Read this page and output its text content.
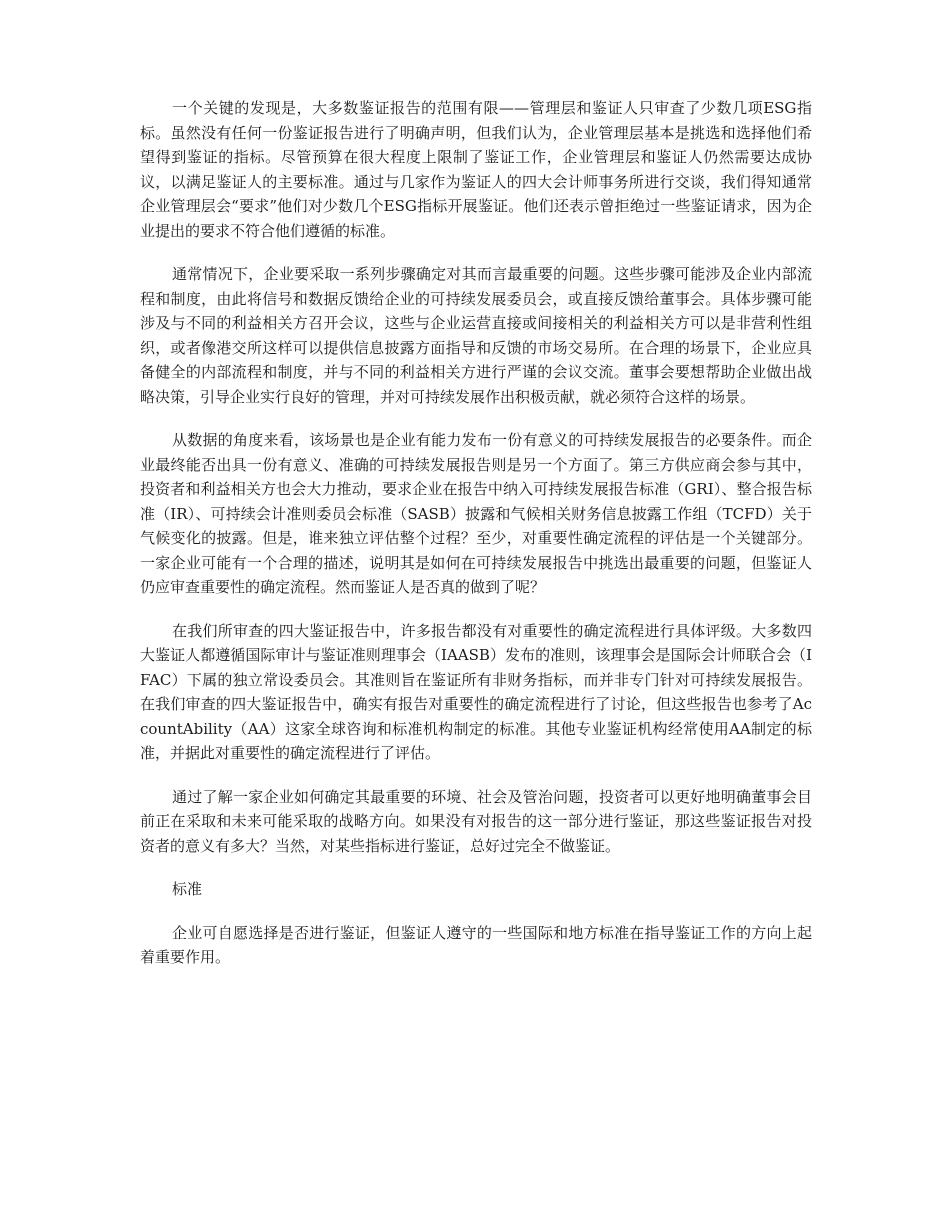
一个关键的发现是，大多数鉴证报告的范围有限——管理层和鉴证人只审查了少数几项ESG指标。虽然没有任何一份鉴证报告进行了明确声明，但我们认为，企业管理层基本是挑选和选择他们希望得到鉴证的指标。尽管预算在很大程度上限制了鉴证工作，企业管理层和鉴证人仍然需要达成协议，以满足鉴证人的主要标准。通过与几家作为鉴证人的四大会计师事务所进行交谈，我们得知通常企业管理层会“要求”他们对少数几个ESG指标开展鉴证。他们还表示曾拒绝过一些鉴证请求，因为企业提出的要求不符合他们遵循的标准。

通常情况下，企业要采取一系列步骤确定对其而言最重要的问题。这些步骤可能涉及企业内部流程和制度，由此将信号和数据反馈给企业的可持续发展委员会，或直接反馈给董事会。具体步骤可能涉及与不同的利益相关方召开会议，这些与企业运营直接或间接相关的利益相关方可以是非营利性组织，或者像港交所这样可以提供信息披露方面指导和反馈的市场交易所。在合理的场景下，企业应具备健全的内部流程和制度，并与不同的利益相关方进行严谨的会议交流。董事会要想帮助企业做出战略决策，引导企业实行良好的管理，并对可持续发展作出积极贡献，就必须符合这样的场景。

从数据的角度来看，该场景也是企业有能力发布一份有意义的可持续发展报告的必要条件。而企业最终能否出具一份有意义、准确的可持续发展报告则是另一个方面了。第三方供应商会参与其中，投资者和利益相关方也会大力推动，要求企业在报告中纳入可持续发展报告标准（GRI）、整合报告标准（IR）、可持续会计准则委员会标准（SASB）披露和气候相关财务信息披露工作组（TCFD）关于气候变化的披露。但是，谁来独立评估整个过程？至少，对重要性确定流程的评估是一个关键部分。一家企业可能有一个合理的描述，说明其是如何在可持续发展报告中挑选出最重要的问题，但鉴证人仍应审查重要性的确定流程。然而鉴证人是否真的做到了呢？

在我们所审查的四大鉴证报告中，许多报告都没有对重要性的确定流程进行具体评级。大多数四大鉴证人都遵循国际审计与鉴证准则理事会（IAASB）发布的准则，该理事会是国际会计师联合会（IFAC）下属的独立常设委员会。其准则旨在鉴证所有非财务指标，而并非专门针对可持续发展报告。在我们审查的四大鉴证报告中，确实有报告对重要性的确定流程进行了讨论，但这些报告也参考了AccountAbility（AA）这家全球咨询和标准机构制定的标准。其他专业鉴证机构经常使用AA制定的标准，并据此对重要性的确定流程进行了评估。

通过了解一家企业如何确定其最重要的环境、社会及管治问题，投资者可以更好地明确董事会目前正在采取和未来可能采取的战略方向。如果没有对报告的这一部分进行鉴证，那这些鉴证报告对投资者的意义有多大？当然，对某些指标进行鉴证，总好过完全不做鉴证。

标准

企业可自愿选择是否进行鉴证，但鉴证人遵守的一些国际和地方标准在指导鉴证工作的方向上起着重要作用。
